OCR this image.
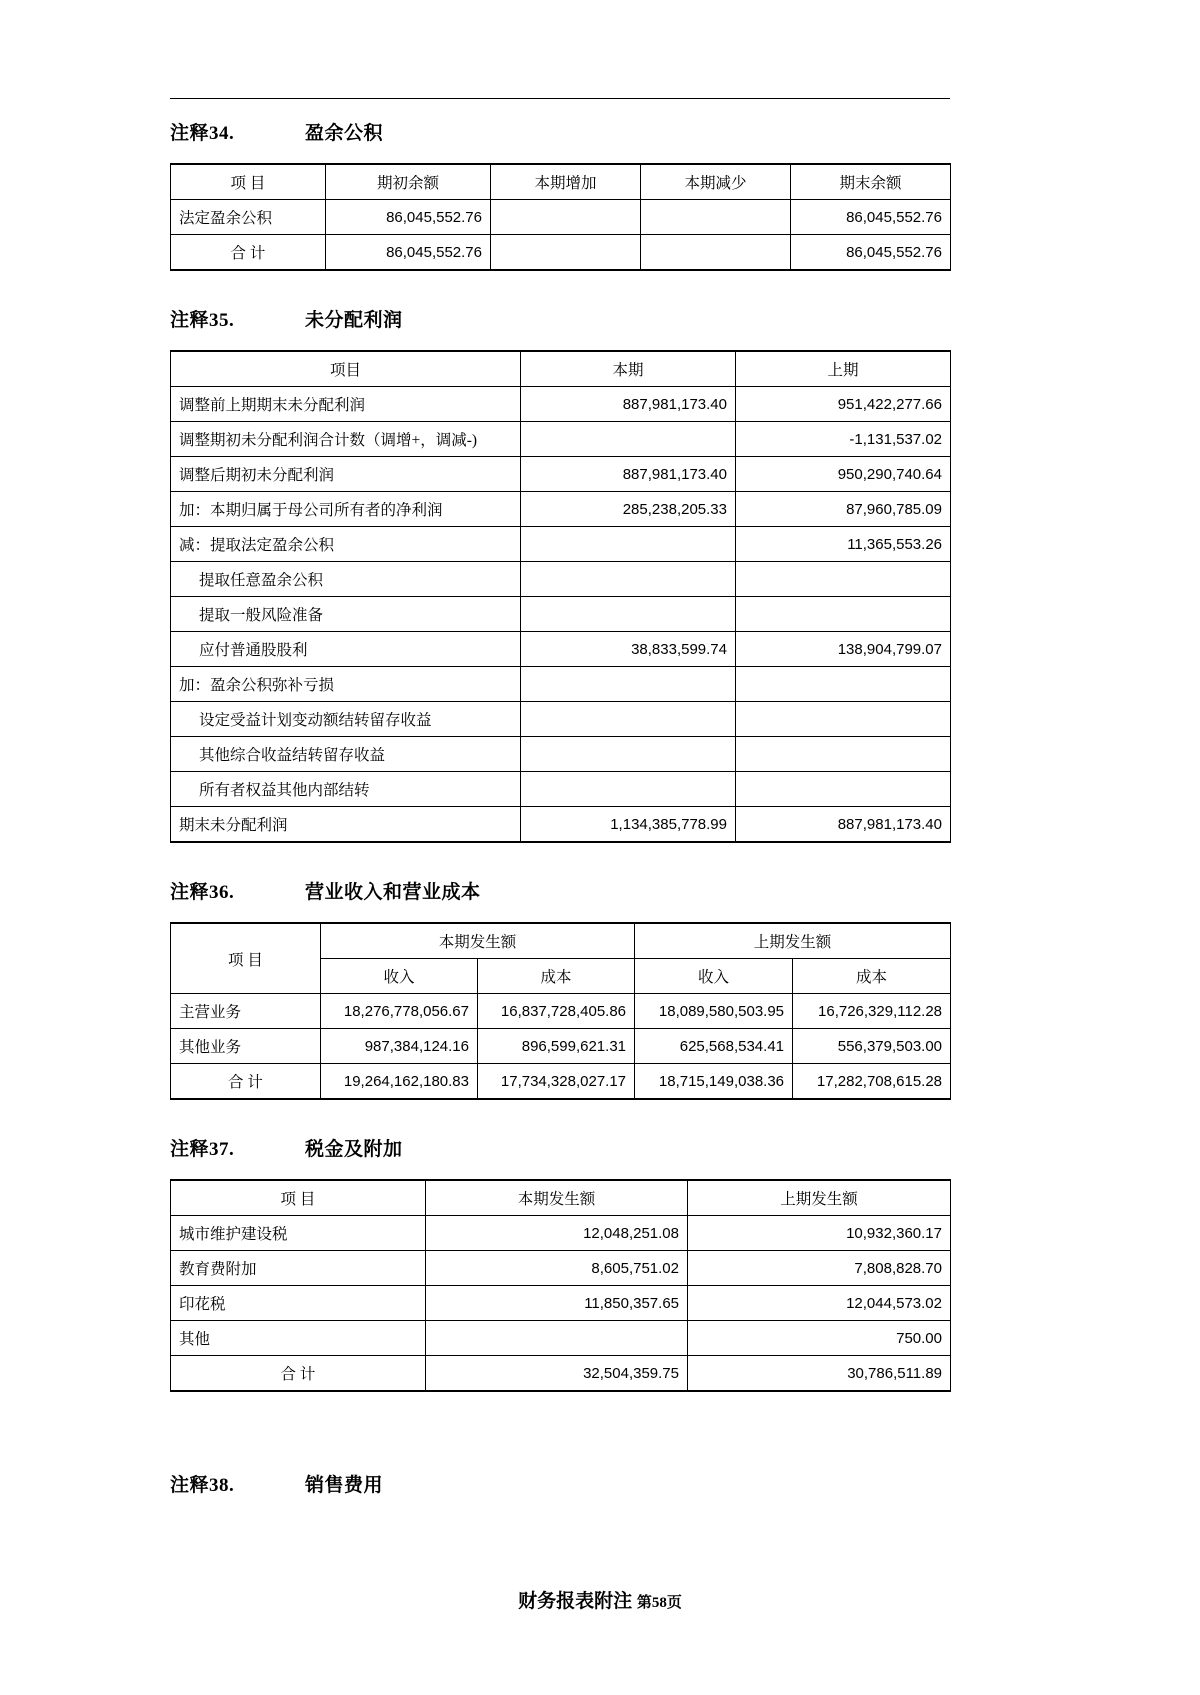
注释34.	盈余公积
项 目	期初余额	本期增加	本期减少	期末余额
法定盈余公积	86,045,552.76			86,045,552.76
合 计	86,045,552.76			86,045,552.76
注释35.	未分配利润
项目	本期	上期
调整前上期期末未分配利润	887,981,173.40	951,422,277.66
调整期初未分配利润合计数（调增+，调减-)		-1,131,537.02
调整后期初未分配利润	887,981,173.40	950,290,740.64
加：本期归属于母公司所有者的净利润	285,238,205.33	87,960,785.09
减：提取法定盈余公积		11,365,553.26
提取任意盈余公积		
提取一般风险准备		
应付普通股股利	38,833,599.74	138,904,799.07
加：盈余公积弥补亏损		
设定受益计划变动额结转留存收益		
其他综合收益结转留存收益		
所有者权益其他内部结转		
期末未分配利润	1,134,385,778.99	887,981,173.40
注释36.	营业收入和营业成本
项 目	本期发生额		上期发生额	
	收入	成本	收入	成本
主营业务	18,276,778,056.67	16,837,728,405.86	18,089,580,503.95	16,726,329,112.28
其他业务	987,384,124.16	896,599,621.31	625,568,534.41	556,379,503.00
合 计	19,264,162,180.83	17,734,328,027.17	18,715,149,038.36	17,282,708,615.28
注释37.	税金及附加
项 目	本期发生额	上期发生额
城市维护建设税	12,048,251.08	10,932,360.17
教育费附加	8,605,751.02	7,808,828.70
印花税	11,850,357.65	12,044,573.02
其他		750.00
合 计	32,504,359.75	30,786,511.89
注释38.	销售费用
财务报表附注 第58页
